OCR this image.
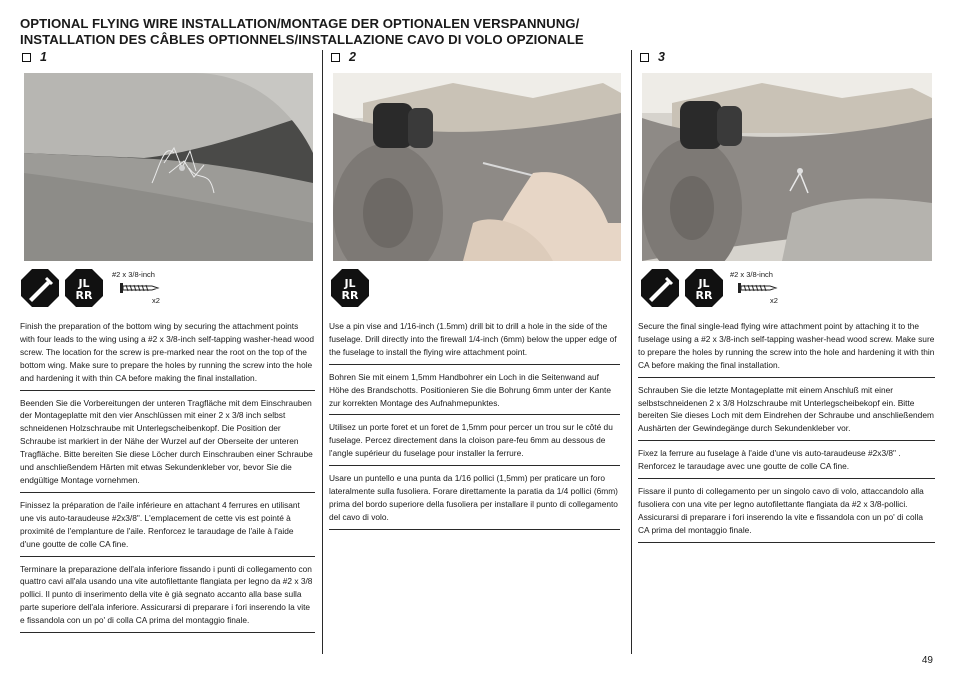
OPTIONAL FLYING WIRE INSTALLATION/MONTAGE DER OPTIONALEN VERSPANNUNG/
INSTALLATION DES CÂBLES OPTIONNELS/INSTALLAZIONE CAVO DI VOLO OPZIONALE
1	2	3
JL
RR
#2 x 3/8-inch
x2
JL
RR
JL
RR
#2 x 3/8-inch
x2

Finish the preparation of the bottom wing by securing the attachment points with four leads to the wing using a #2 x 3/8-inch self-tapping washer-head wood screw. The location for the screw is pre-marked near the root on the top of the bottom wing. Make sure to prepare the holes by running the screw into the hole and hardening it with thin CA before making the final installation.

Beenden Sie die Vorbereitungen der unteren Tragfläche mit dem Einschrauben der Montageplatte mit den vier Anschlüssen mit einer 2 x 3/8 inch selbst schneidenen Holzschraube mit Unterlegscheibenkopf. Die Position der Schraube ist markiert in der Nähe der Wurzel auf der Oberseite der unteren Tragfläche. Bitte bereiten Sie diese Löcher durch Einschrauben einer Schraube und anschließendem Härten mit etwas Sekundenkleber vor, bevor Sie die endgültige Montage vornehmen.

Finissez la préparation de l'aile inférieure en attachant 4 ferrures en utilisant une vis auto-taraudeuse #2x3/8". L'emplacement de cette vis est pointé à proximité de l'emplanture de l'aile. Renforcez le taraudage de l'aile à l'aide d'une goutte de colle CA fine.

Terminare la preparazione dell'ala inferiore fissando i punti di collegamento con quattro cavi all'ala usando una vite autofilettante flangiata per legno da #2 x 3/8 pollici. Il punto di inserimento della vite è già segnato accanto alla base sulla parte superiore dell'ala inferiore. Assicurarsi di preparare i fori inserendo la vite e fissandola con un po' di colla CA prima del montaggio finale.

Use a pin vise and 1/16-inch (1.5mm) drill bit to drill a hole in the side of the fuselage. Drill directly into the firewall 1/4-inch (6mm) below the upper edge of the fuselage to install the flying wire attachment point.

Bohren Sie mit einem 1,5mm Handbohrer ein Loch in die Seitenwand auf Höhe des Brandschotts. Positionieren Sie die Bohrung 6mm unter der Kante zur korrekten Montage des Aufnahmepunktes.

Utilisez un porte foret et un foret de 1,5mm pour percer un trou sur le côté du fuselage. Percez directement dans la cloison pare-feu 6mm au dessous de l'angle supérieur du fuselage pour installer la ferrure.

Usare un puntello e una punta da 1/16 pollici (1,5mm) per praticare un foro lateralmente sulla fusoliera. Forare direttamente la paratia da 1/4 pollici (6mm) prima del bordo superiore della fusoliera per installare il punto di collegamento del cavo di volo.

Secure the final single-lead flying wire attachment point by attaching it to the fuselage using a #2 x 3/8-inch self-tapping washer-head wood screw. Make sure to prepare the holes by running the screw into the hole and hardening it with thin CA before making the final installation.

Schrauben Sie die letzte Montageplatte mit einem Anschluß mit einer selbstschneidenen 2 x 3/8 Holzschraube mit Unterlegscheibekopf ein. Bitte bereiten Sie dieses Loch mit dem Eindrehen der Schraube und anschließendem Aushärten der Gewindegänge durch Sekundenkleber vor.

Fixez la ferrure au fuselage à l'aide d'une vis auto-taraudeuse #2x3/8" . Renforcez le taraudage avec une goutte de colle CA fine.

Fissare il punto di collegamento per un singolo cavo di volo, attaccandolo alla fusoliera con una vite per legno autofilettante flangiata da #2 x 3/8-pollici. Assicurarsi di preparare i fori inserendo la vite e fissandola con un po' di colla CA prima del montaggio finale.

49
